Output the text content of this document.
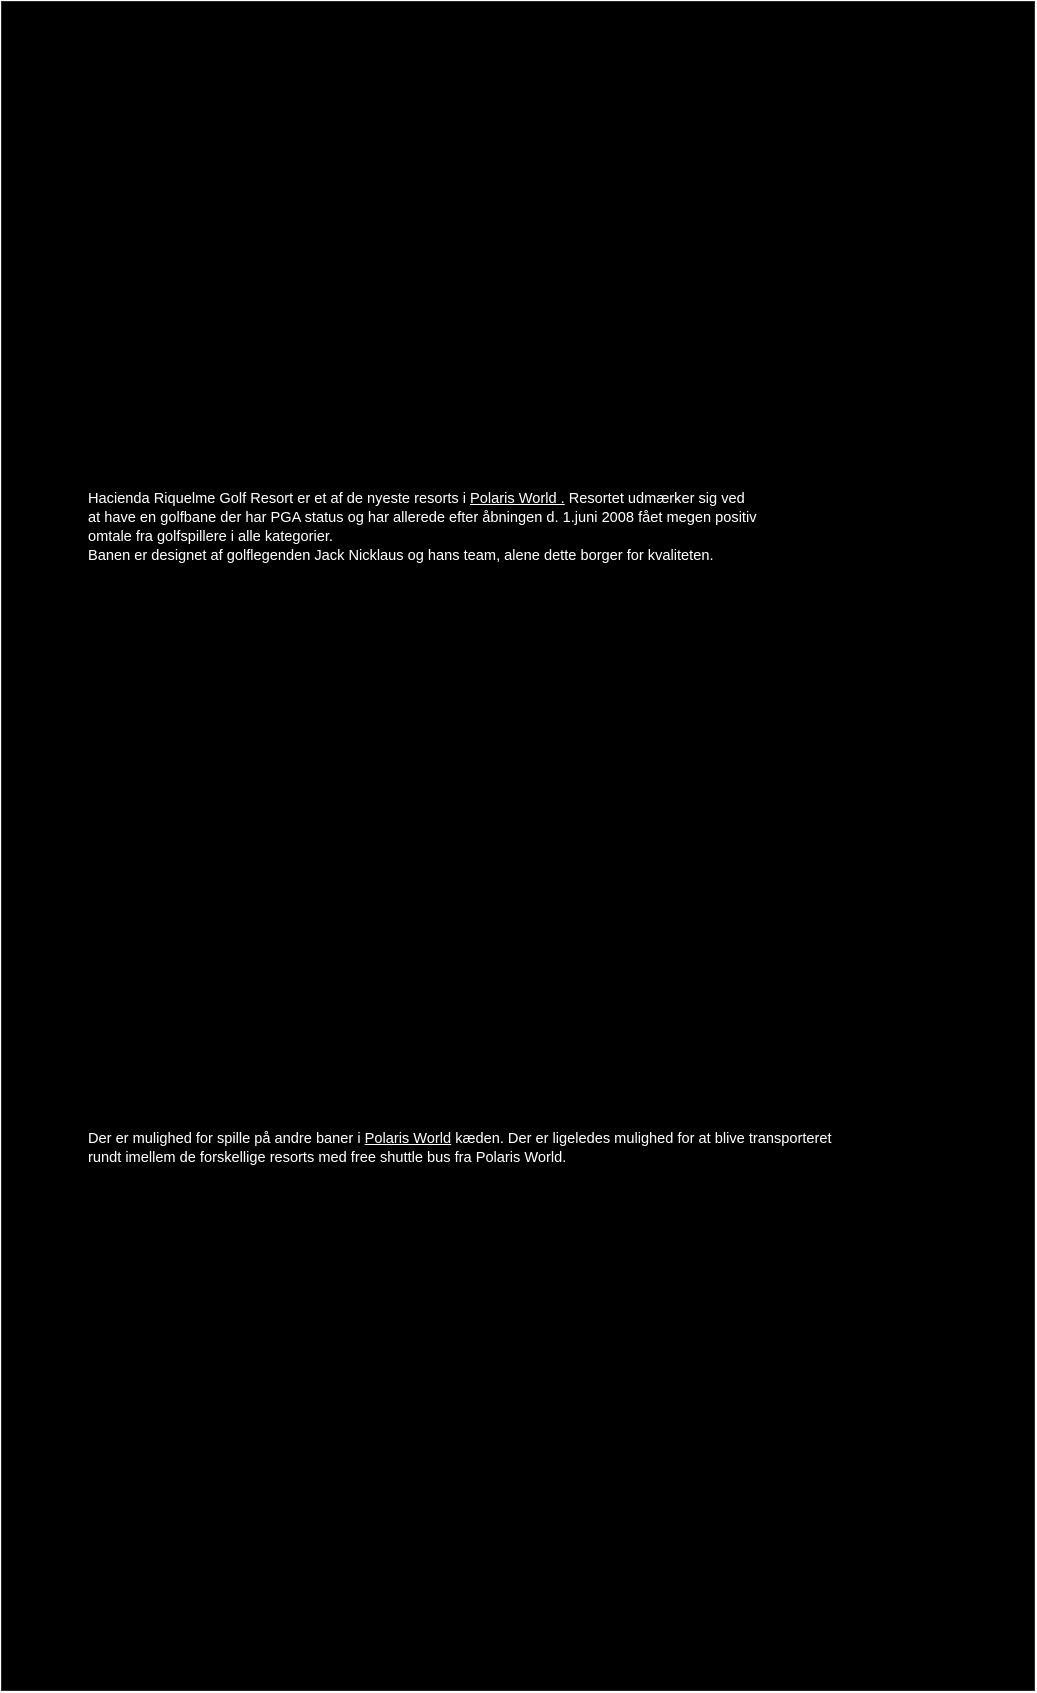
Hacienda Riquelme Golf Resort er et af de nyeste resorts i Polaris World . Resortet udmærker sig ved

at have en golfbane der har PGA status og har allerede efter åbningen d. 1.juni 2008 fået megen positiv

omtale fra golfspillere i alle kategorier.

Banen er designet af golflegenden Jack Nicklaus og hans team, alene dette borger for kvaliteten.

Der er mulighed for spille på andre baner i Polaris World kæden. Der er ligeledes mulighed for at blive transporteret

rundt imellem de forskellige resorts med free shuttle bus fra Polaris World.
